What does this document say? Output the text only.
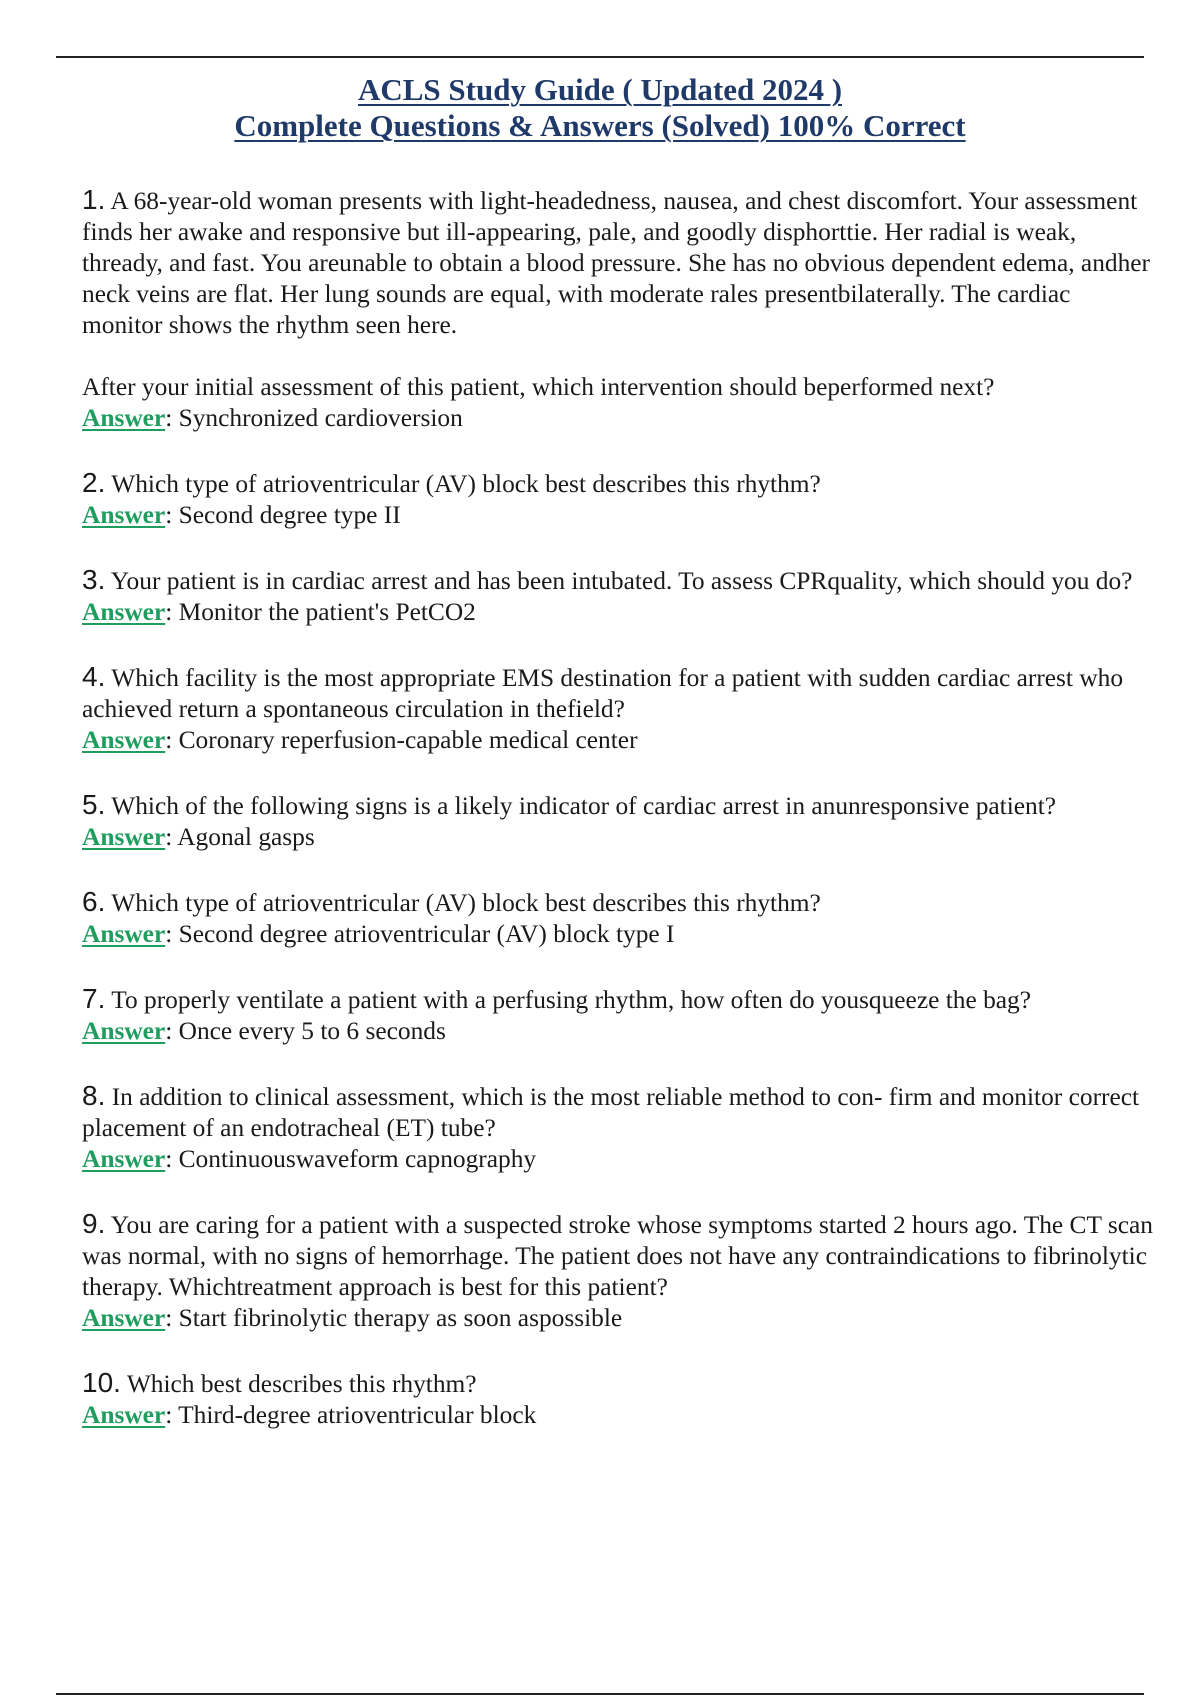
ACLS Study Guide ( Updated 2024 )
Complete Questions & Answers (Solved) 100% Correct

1. A 68-year-old woman presents with light-headedness, nausea, and chest discomfort. Your assessment finds her awake and responsive but ill-appearing, pale, and goodly disphorttie. Her radial is weak, thready, and fast. You areunable to obtain a blood pressure. She has no obvious dependent edema, andher neck veins are flat. Her lung sounds are equal, with moderate rales presentbilaterally. The cardiac monitor shows the rhythm seen here.

After your initial assessment of this patient, which intervention should beperformed next?

Answer: Synchronized cardioversion

2. Which type of atrioventricular (AV) block best describes this rhythm?

Answer: Second degree type II

3. Your patient is in cardiac arrest and has been intubated. To assess CPRquality, which should you do?

Answer: Monitor the patient's PetCO2

4. Which facility is the most appropriate EMS destination for a patient with sudden cardiac arrest who achieved return a spontaneous circulation in thefield?

Answer: Coronary reperfusion-capable medical center

5. Which of the following signs is a likely indicator of cardiac arrest in anunresponsive patient?

Answer: Agonal gasps

6. Which type of atrioventricular (AV) block best describes this rhythm?

Answer: Second degree atrioventricular (AV) block type I

7. To properly ventilate a patient with a perfusing rhythm, how often do yousqueeze the bag?

Answer: Once every 5 to 6 seconds

8. In addition to clinical assessment, which is the most reliable method to con- firm and monitor correct placement of an endotracheal (ET) tube?

Answer: Continuouswaveform capnography

9. You are caring for a patient with a suspected stroke whose symptoms started 2 hours ago. The CT scan was normal, with no signs of hemorrhage. The patient does not have any contraindications to fibrinolytic therapy. Whichtreatment approach is best for this patient?

Answer: Start fibrinolytic therapy as soon aspossible

10. Which best describes this rhythm?

Answer: Third-degree atrioventricular block
